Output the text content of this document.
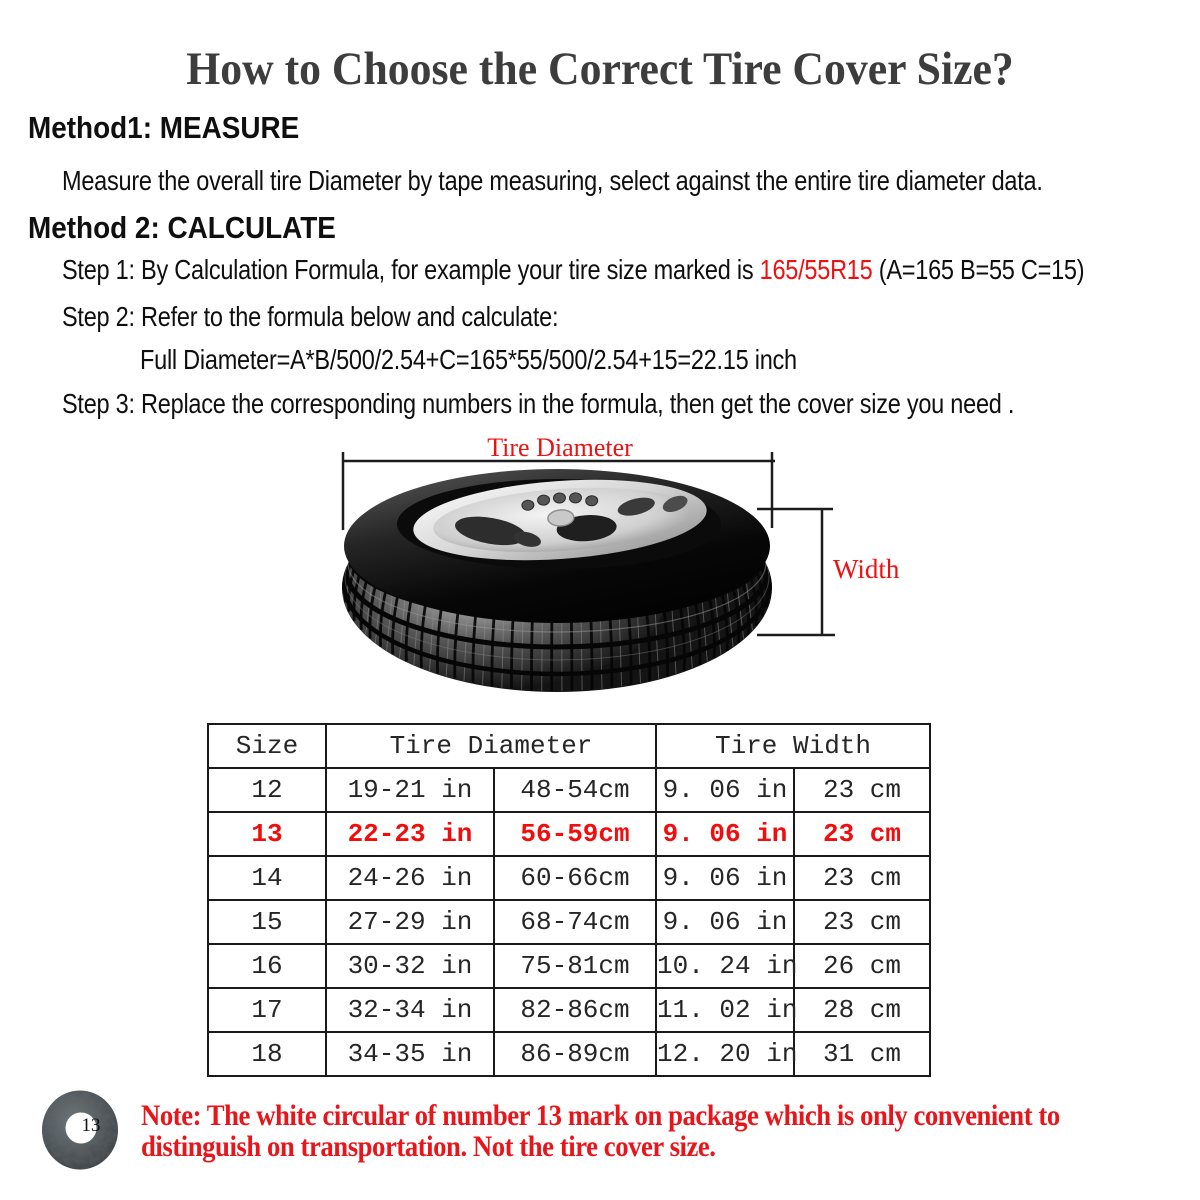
How to Choose the Correct Tire Cover Size?
Method1: MEASURE
Measure the overall tire Diameter by tape measuring, select against the entire tire diameter data.
Method 2: CALCULATE
Step 1: By Calculation Formula, for example your tire size marked is 165/55R15 (A=165 B=55 C=15)
Step 2: Refer to the formula below and calculate:
Full Diameter=A*B/500/2.54+C=165*55/500/2.54+15=22.15 inch
Step 3: Replace the corresponding numbers in the formula, then get the cover size you need .
Tire Diameter
Width
Size	Tire Diameter		Tire Width	
12	19-21 in	48-54cm	9. 06 in	23 cm
13	22-23 in	56-59cm	9. 06 in	23 cm
14	24-26 in	60-66cm	9. 06 in	23 cm
15	27-29 in	68-74cm	9. 06 in	23 cm
16	30-32 in	75-81cm	10. 24 in	26 cm
17	32-34 in	82-86cm	11. 02 in	28 cm
18	34-35 in	86-89cm	12. 20 in	31 cm
13	Note: The white circular of number 13 mark on package which is only convenient to
distinguish on transportation. Not the tire cover size.
